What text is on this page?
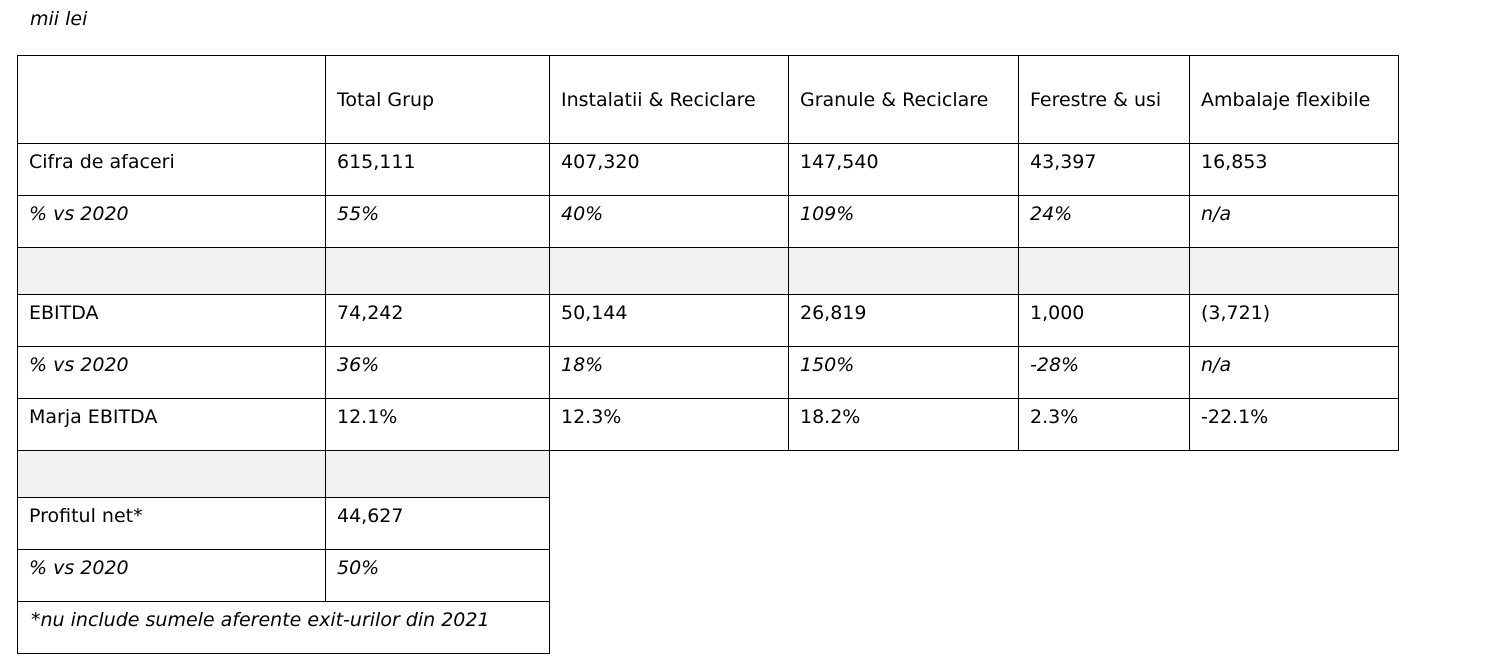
mii lei
	Total Grup	Instalatii & Reciclare	Granule & Reciclare	Ferestre & usi	Ambalaje flexibile
Cifra de afaceri	615,111	407,320	147,540	43,397	16,853
% vs 2020	55%	40%	109%	24%	n/a

EBITDA	74,242	50,144	26,819	1,000	(3,721)
% vs 2020	36%	18%	150%	-28%	n/a
Marja EBITDA	12.1%	12.3%	18.2%	2.3%	-22.1%

Profitul net*	44,627				
% vs 2020	50%				
*nu include sumele aferente exit-urilor din 2021					
